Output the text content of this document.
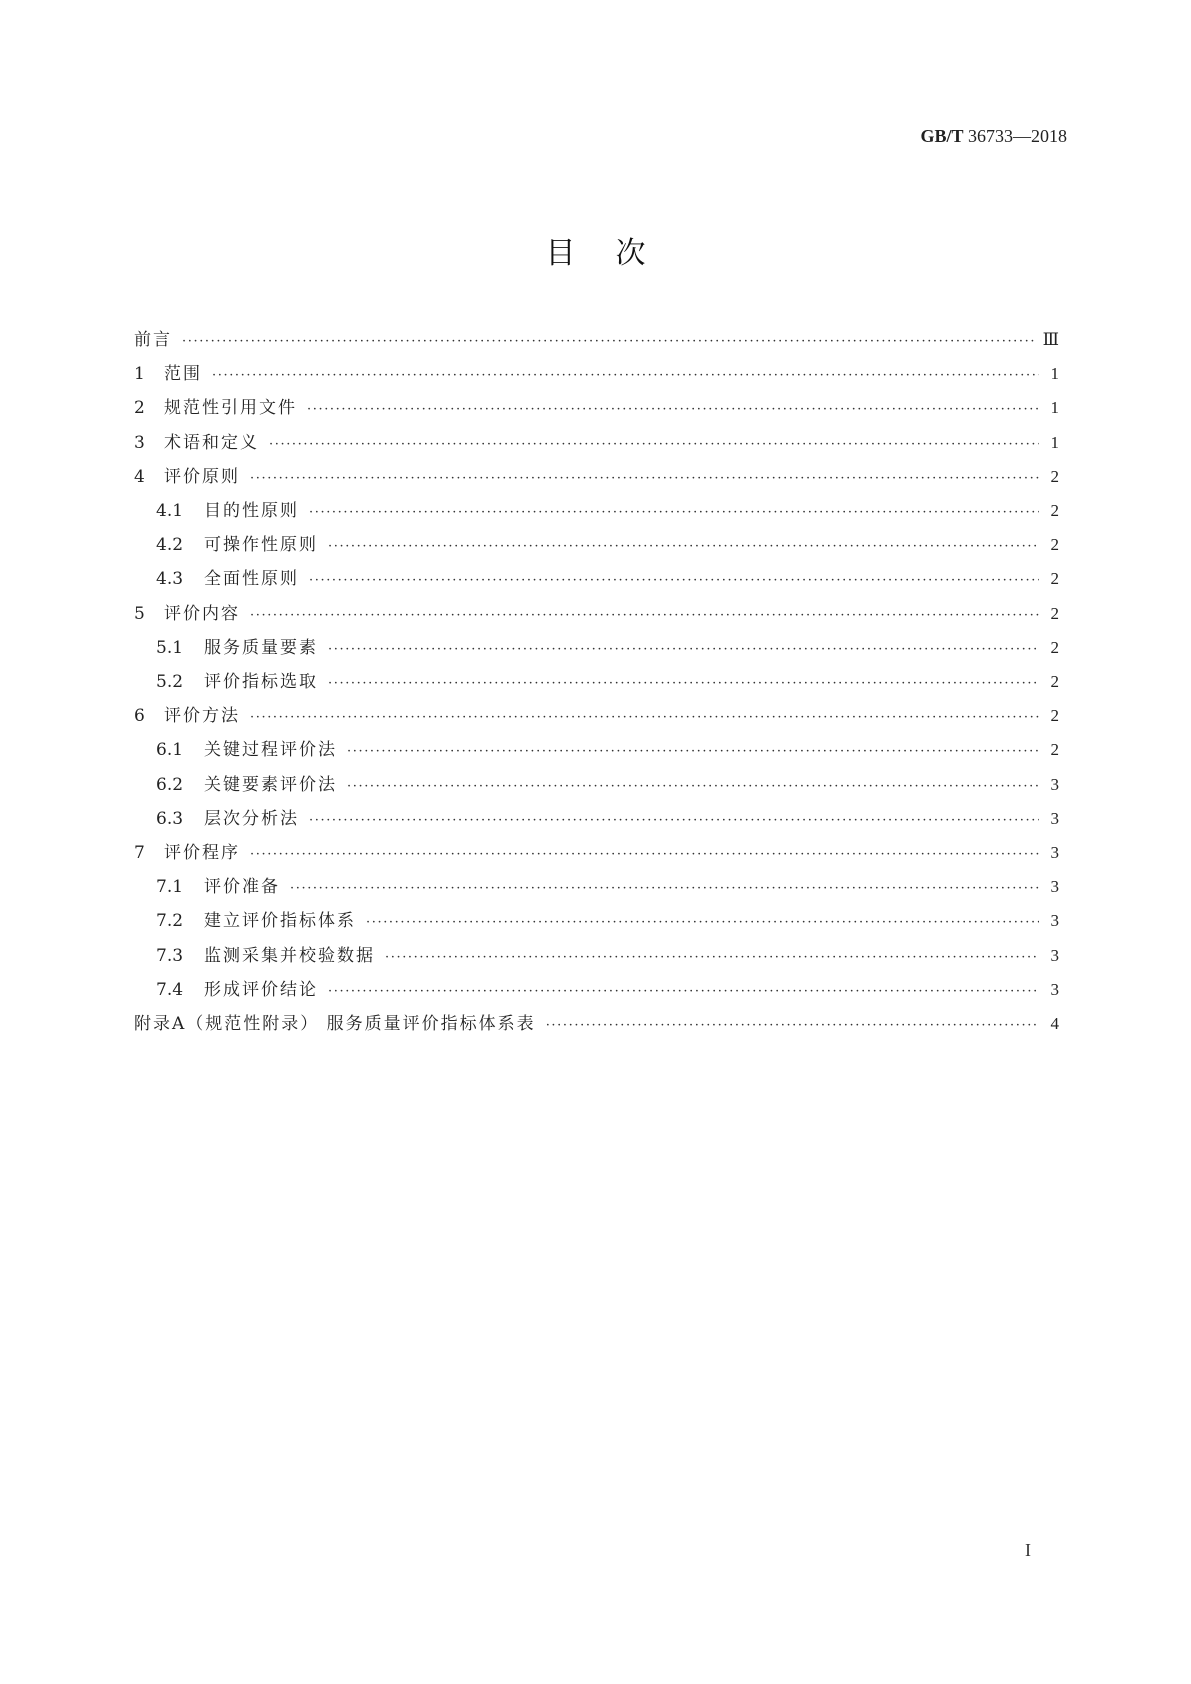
GB/T 36733—2018
目次
前言 ·····	Ⅲ
1	范围 ·····	1
2	规范性引用文件 ·····	1
3	术语和定义 ·····	1
4	评价原则 ·····	2
4.1	目的性原则 ·····	2
4.2	可操作性原则 ·····	2
4.3	全面性原则 ·····	2
5	评价内容 ·····	2
5.1	服务质量要素 ·····	2
5.2	评价指标选取 ·····	2
6	评价方法 ·····	2
6.1	关键过程评价法 ·····	2
6.2	关键要素评价法 ·····	3
6.3	层次分析法 ·····	3
7	评价程序 ·····	3
7.1	评价准备 ·····	3
7.2	建立评价指标体系 ·····	3
7.3	监测采集并校验数据 ·····	3
7.4	形成评价结论 ·····	3
附录A（规范性附录） 服务质量评价指标体系表 ·····	4
I
